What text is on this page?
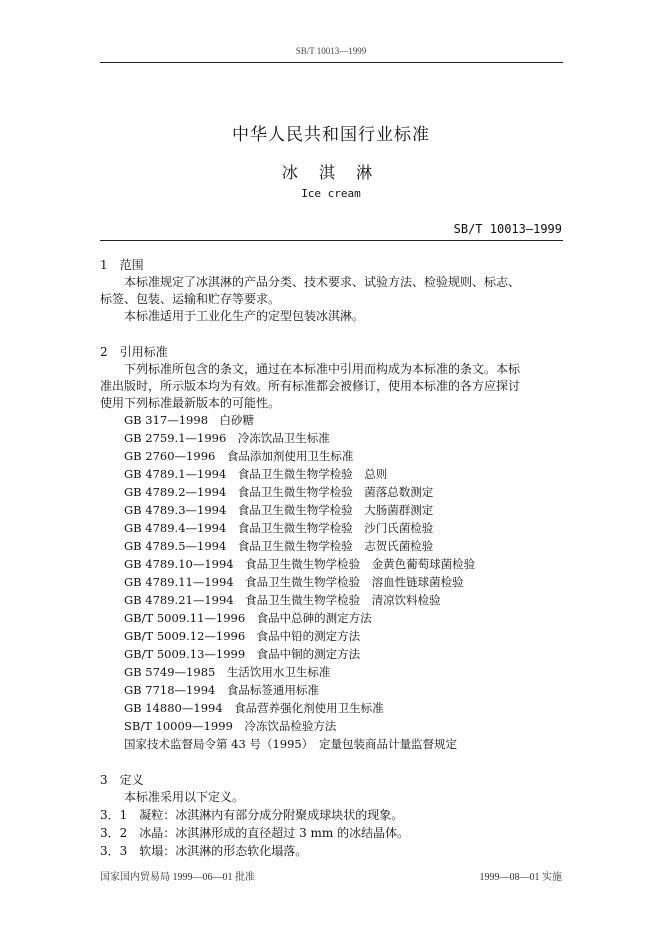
SB/T 10013—1999
中华人民共和国行业标准
冰 淇 淋
Ice cream
SB/T 10013—1999
1　范围
本标准规定了冰淇淋的产品分类、技术要求、试验方法、检验规则、标志、
标签、包装、运输和贮存等要求。
本标准适用于工业化生产的定型包装冰淇淋。
2　引用标准
下列标准所包含的条文，通过在本标准中引用而构成为本标准的条文。本标
准出版时，所示版本均为有效。所有标准都会被修订，使用本标准的各方应探讨
使用下列标准最新版本的可能性。
GB 317—1998　白砂糖
GB 2759.1—1996　冷冻饮品卫生标准
GB 2760—1996　食品添加剂使用卫生标准
GB 4789.1—1994　食品卫生微生物学检验　总则
GB 4789.2—1994　食品卫生微生物学检验　菌落总数测定
GB 4789.3—1994　食品卫生微生物学检验　大肠菌群测定
GB 4789.4—1994　食品卫生微生物学检验　沙门氏菌检验
GB 4789.5—1994　食品卫生微生物学检验　志贺氏菌检验
GB 4789.10—1994　食品卫生微生物学检验　金黄色葡萄球菌检验
GB 4789.11—1994　食品卫生微生物学检验　溶血性链球菌检验
GB 4789.21—1994　食品卫生微生物学检验　清凉饮料检验
GB/T 5009.11—1996　食品中总砷的测定方法
GB/T 5009.12—1996　食品中铅的测定方法
GB/T 5009.13—1999　食品中铜的测定方法
GB 5749—1985　生活饮用水卫生标准
GB 7718—1994　食品标签通用标准
GB 14880—1994　食品营养强化剂使用卫生标准
SB/T 10009—1999　冷冻饮品检验方法
国家技术监督局令第 43 号（1995）　定量包装商品计量监督规定
3　定义
本标准采用以下定义。
3．1　凝粒：冰淇淋内有部分成分附聚成球块状的现象。
3．2　冰晶：冰淇淋形成的直径超过 3 mm 的冰结晶体。
3．3　软塌：冰淇淋的形态软化塌落。
国家国内贸易局 1999—06—01 批准	1999—08—01 实施
